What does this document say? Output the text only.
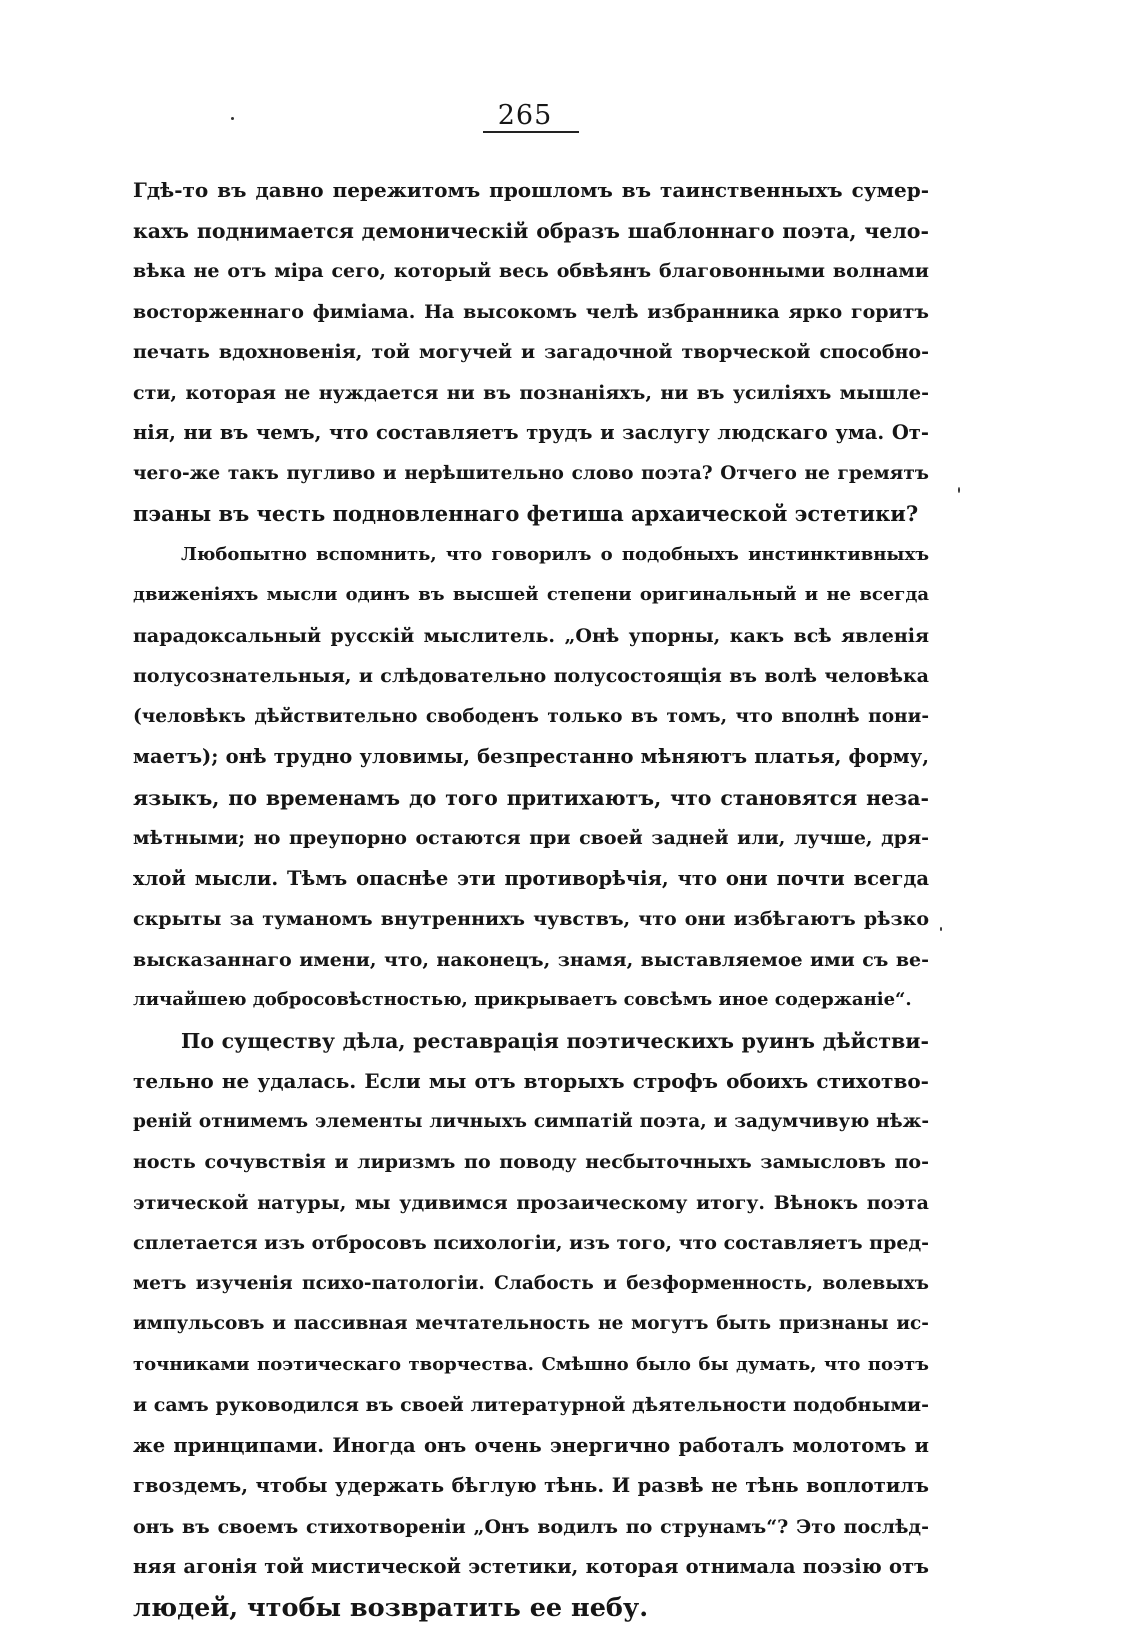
265
Гдѣ-то въ давно пережитомъ прошломъ въ таинственныхъ сумер-
кахъ поднимается демоническій образъ шаблоннаго поэта, чело-
вѣка не отъ міра сего, который весь обвѣянъ благовонными волнами
восторженнаго фиміама. На высокомъ челѣ избранника ярко горитъ
печать вдохновенія, той могучей и загадочной творческой способно-
сти, которая не нуждается ни въ познаніяхъ, ни въ усиліяхъ мышле-
нія, ни въ чемъ, что составляетъ трудъ и заслугу людскаго ума. От-
чего-же такъ пугливо и нерѣшительно слово поэта? Отчего не гремятъ
пэаны въ честь подновленнаго фетиша архаической эстетики?
Любопытно вспомнить, что говорилъ о подобныхъ инстинктивныхъ
движеніяхъ мысли одинъ въ высшей степени оригинальный и не всегда
парадоксальный русскій мыслитель. „Онѣ упорны, какъ всѣ явленія
полусознательныя, и слѣдовательно полусостоящія въ волѣ человѣка
(человѣкъ дѣйствительно свободенъ только въ томъ, что вполнѣ пони-
маетъ); онѣ трудно уловимы, безпрестанно мѣняютъ платья, форму,
языкъ, по временамъ до того притихаютъ, что становятся неза-
мѣтными; но преупорно остаются при своей задней или, лучше, дря-
хлой мысли. Тѣмъ опаснѣе эти противорѣчія, что они почти всегда
скрыты за туманомъ внутреннихъ чувствъ, что они избѣгаютъ рѣзко
высказаннаго имени, что, наконецъ, знамя, выставляемое ими съ ве-
личайшею добросовѣстностью, прикрываетъ совсѣмъ иное содержаніе“.
По существу дѣла, реставрація поэтическихъ руинъ дѣйстви-
тельно не удалась. Если мы отъ вторыхъ строфъ обоихъ стихотво-
реній отнимемъ элементы личныхъ симпатій поэта, и задумчивую нѣж-
ность сочувствія и лиризмъ по поводу несбыточныхъ замысловъ по-
этической натуры, мы удивимся прозаическому итогу. Вѣнокъ поэта
сплетается изъ отбросовъ психологіи, изъ того, что составляетъ пред-
метъ изученія психо-патологіи. Слабость и безформенность, волевыхъ
импульсовъ и пассивная мечтательность не могутъ быть признаны ис-
точниками поэтическаго творчества. Смѣшно было бы думать, что поэтъ
и самъ руководился въ своей литературной дѣятельности подобными-
же принципами. Иногда онъ очень энергично работалъ молотомъ и
гвоздемъ, чтобы удержать бѣглую тѣнь. И развѣ не тѣнь воплотилъ
онъ въ своемъ стихотвореніи „Онъ водилъ по струнамъ“? Это послѣд-
няя агонія той мистической эстетики, которая отнимала поэзію отъ
людей, чтобы возвратить ее небу.
